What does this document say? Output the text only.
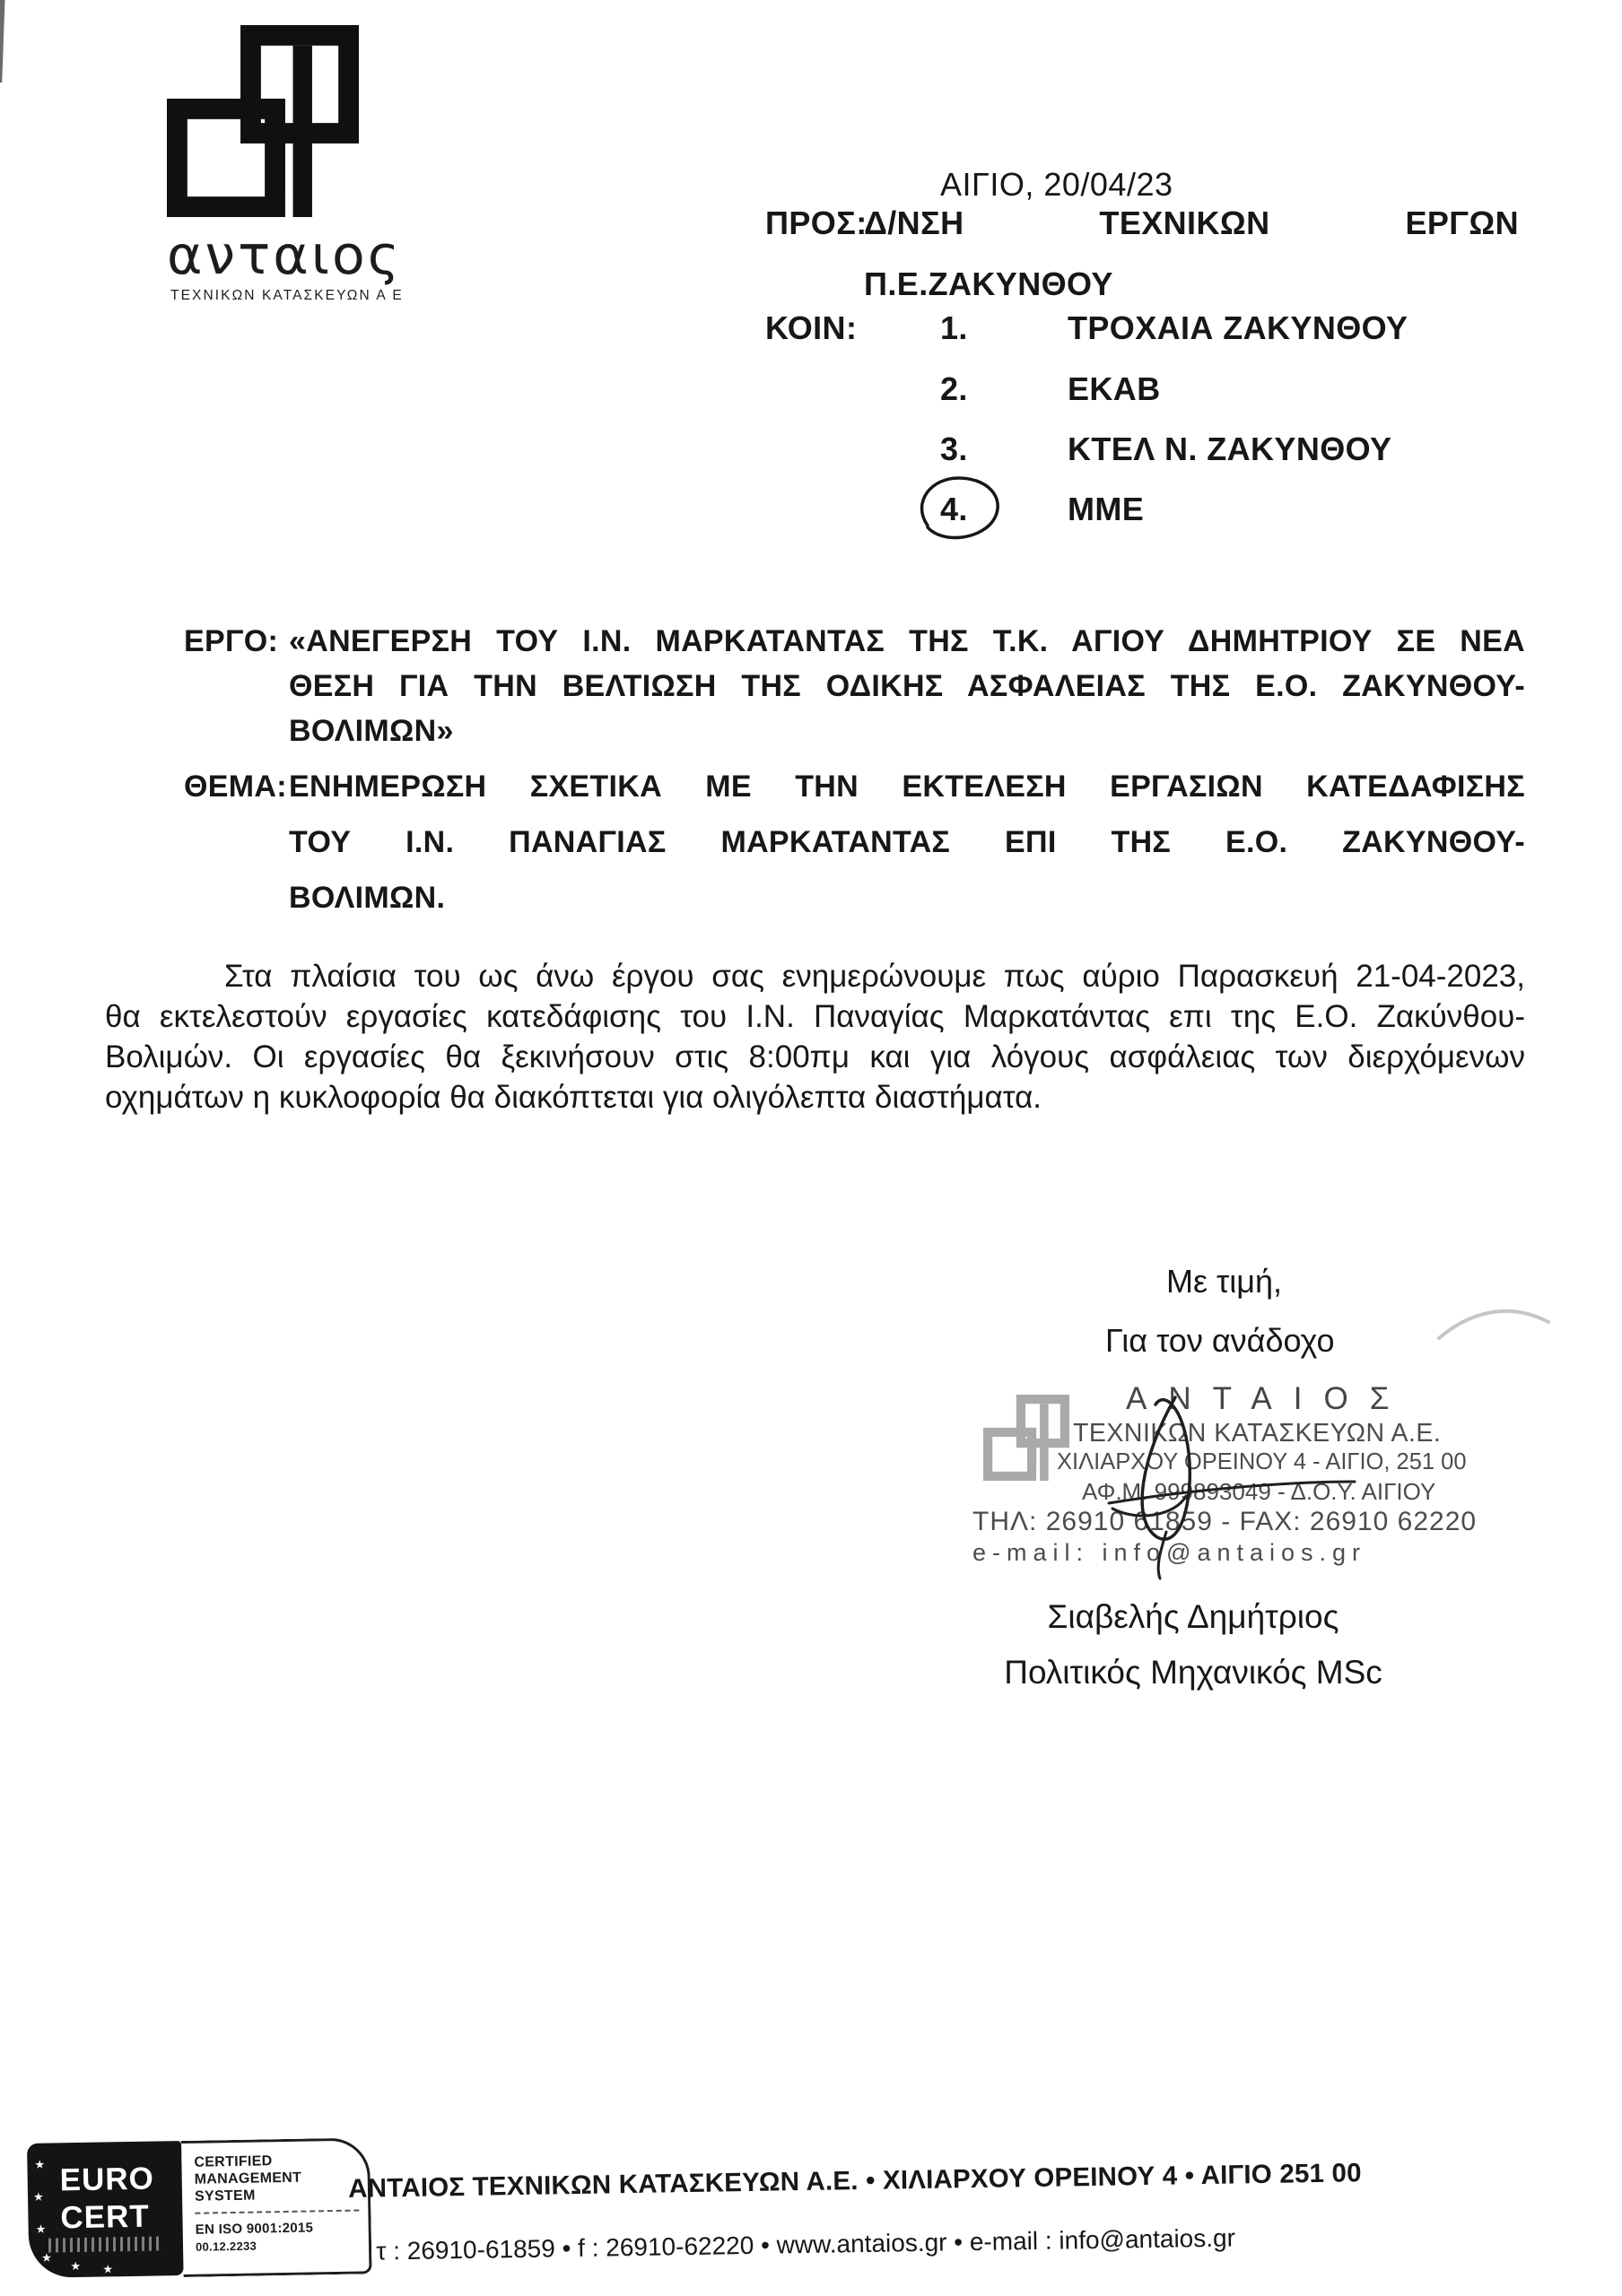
ανταιος
ΤΕΧΝΙΚΩΝ ΚΑΤΑΣΚΕΥΩΝ Α Ε
ΑΙΓΙΟ, 20/04/23
ΠΡΟΣ:
Δ/ΝΣΗ ΤΕΧΝΙΚΩΝ ΕΡΓΩΝ
Π.Ε.ΖΑΚΥΝΘΟΥ
ΚΟΙΝ:	1.	ΤΡΟΧΑΙΑ ΖΑΚΥΝΘΟΥ
2.	ΕΚΑΒ
3.	ΚΤΕΛ Ν. ΖΑΚΥΝΘΟΥ
4.	ΜΜΕ
ΕΡΓΟ: «ΑΝΕΓΕΡΣΗ ΤΟΥ Ι.Ν. ΜΑΡΚΑΤΑΝΤΑΣ ΤΗΣ Τ.Κ. ΑΓΙΟΥ ΔΗΜΗΤΡΙΟΥ ΣΕ ΝΕΑ
ΘΕΣΗ ΓΙΑ ΤΗΝ ΒΕΛΤΙΩΣΗ ΤΗΣ ΟΔΙΚΗΣ ΑΣΦΑΛΕΙΑΣ ΤΗΣ Ε.Ο. ΖΑΚΥΝΘΟΥ-
ΒΟΛΙΜΩΝ»
ΘΕΜΑ: ΕΝΗΜΕΡΩΣΗ ΣΧΕΤΙΚΑ ΜΕ ΤΗΝ ΕΚΤΕΛΕΣΗ ΕΡΓΑΣΙΩΝ ΚΑΤΕΔΑΦΙΣΗΣ
ΤΟΥ Ι.Ν. ΠΑΝΑΓΙΑΣ ΜΑΡΚΑΤΑΝΤΑΣ ΕΠΙ ΤΗΣ Ε.Ο. ΖΑΚΥΝΘΟΥ-
ΒΟΛΙΜΩΝ.
Στα πλαίσια του ως άνω έργου σας ενημερώνουμε πως αύριο Παρασκευή 21-04-2023,
θα εκτελεστούν εργασίες κατεδάφισης του Ι.Ν. Παναγίας Μαρκατάντας επι της Ε.Ο. Ζακύνθου-
Βολιμών. Οι εργασίες θα ξεκινήσουν στις 8:00πμ και για λόγους ασφάλειας των διερχόμενων
οχημάτων η κυκλοφορία θα διακόπτεται για ολιγόλεπτα διαστήματα.
Με τιμή,
Για τον ανάδοχο
ΑΝΤΑΙΟΣ
ΤΕΧΝΙΚΩΝ ΚΑΤΑΣΚΕΥΩΝ Α.Ε.
ΧΙΛΙΑΡΧΟΥ ΟΡΕΙΝΟΥ 4 - ΑΙΓΙΟ, 251 00
ΑΦ.Μ. 999893049 - Δ.Ο.Υ. ΑΙΓΙΟΥ
ΤΗΛ: 26910 61859 - FAX: 26910 62220
e-mail: info@antaios.gr
Σιαβελής Δημήτριος
Πολιτικός Μηχανικός MSc
★
★
★
★
★ ★
EURO
CERT
CERTIFIED
MANAGEMENT
SYSTEM
EN ISO 9001:2015
00.12.2233
ΑΝΤΑΙΟΣ ΤΕΧΝΙΚΩΝ ΚΑΤΑΣΚΕΥΩΝ Α.Ε. • ΧΙΛΙΑΡΧΟΥ ΟΡΕΙΝΟΥ 4 • ΑΙΓΙΟ 251 00
τ : 26910-61859 • f : 26910-62220 • www.antaios.gr • e-mail : info@antaios.gr
